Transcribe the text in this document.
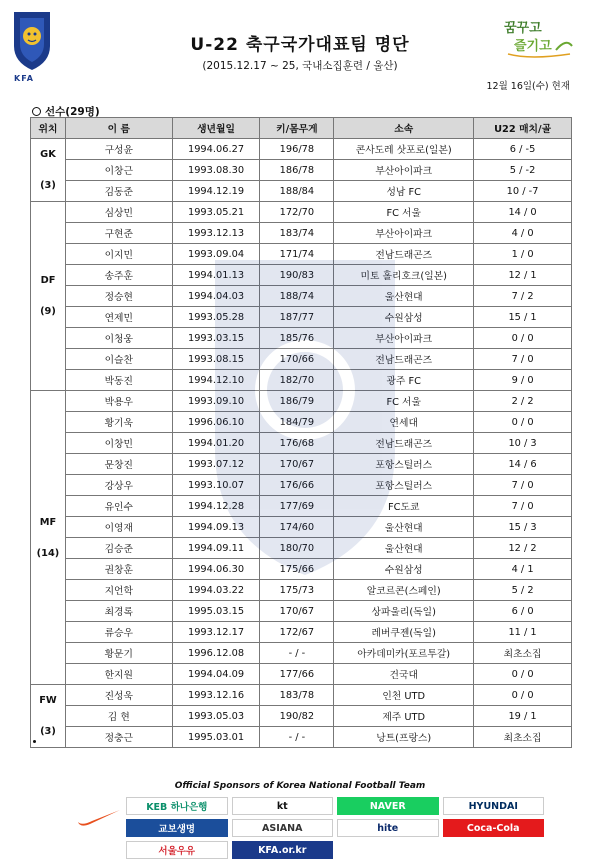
KFA
꿈꾸고
즐기고
U-22 축구국가대표팀 명단
(2015.12.17 ~ 25, 국내소집훈련 / 울산)
12월 16일(수) 현재
선수(29명)
위치	이 름	생년월일	키/몸무게	소속	U22 매치/골
GK
(3)	구성윤	1994.06.27	196/78	콘사도레 삿포로(일본)	6 / -5
	이창근	1993.08.30	186/78	부산아이파크	5 / -2
	김동준	1994.12.19	188/84	성남 FC	10 / -7
DF
(9)	심상민	1993.05.21	172/70	FC 서울	14 / 0
	구현준	1993.12.13	183/74	부산아이파크	4 / 0
	이지민	1993.09.04	171/74	전남드래곤즈	1 / 0
	송주훈	1994.01.13	190/83	미토 홀리호크(일본)	12 / 1
	정승현	1994.04.03	188/74	울산현대	7 / 2
	연제민	1993.05.28	187/77	수원삼성	15 / 1
	이청웅	1993.03.15	185/76	부산아이파크	0 / 0
	이슬찬	1993.08.15	170/66	전남드래곤즈	7 / 0
	박동진	1994.12.10	182/70	광주 FC	9 / 0
MF
(14)	박용우	1993.09.10	186/79	FC 서울	2 / 2
	황기욱	1996.06.10	184/79	연세대	0 / 0
	이창민	1994.01.20	176/68	전남드래곤즈	10 / 3
	문창진	1993.07.12	170/67	포항스틸러스	14 / 6
	강상우	1993.10.07	176/66	포항스틸러스	7 / 0
	유인수	1994.12.28	177/69	FC도쿄	7 / 0
	이영재	1994.09.13	174/60	울산현대	15 / 3
	김승준	1994.09.11	180/70	울산현대	12 / 2
	권창훈	1994.06.30	175/66	수원삼성	4 / 1
	지언학	1994.03.22	175/73	알코르콘(스페인)	5 / 2
	최경록	1995.03.15	170/67	상파울리(독일)	6 / 0
	류승우	1993.12.17	172/67	레버쿠젠(독일)	11 / 1
	황문기	1996.12.08	- / -	아카데미카(포르투갈)	최초소집
	한지원	1994.04.09	177/66	건국대	0 / 0
FW
(3)	진성욱	1993.12.16	183/78	인천 UTD	0 / 0
	김 현	1993.05.03	190/82	제주 UTD	19 / 1
	정충근	1995.03.01	- / -	낭트(프랑스)	최초소집
Official Sponsors of Korea National Football Team
KEB 하나은행	kt	NAVER	HYUNDAI
교보생명	ASIANA	hite	Coca-Cola
서울우유	KFA.or.kr
